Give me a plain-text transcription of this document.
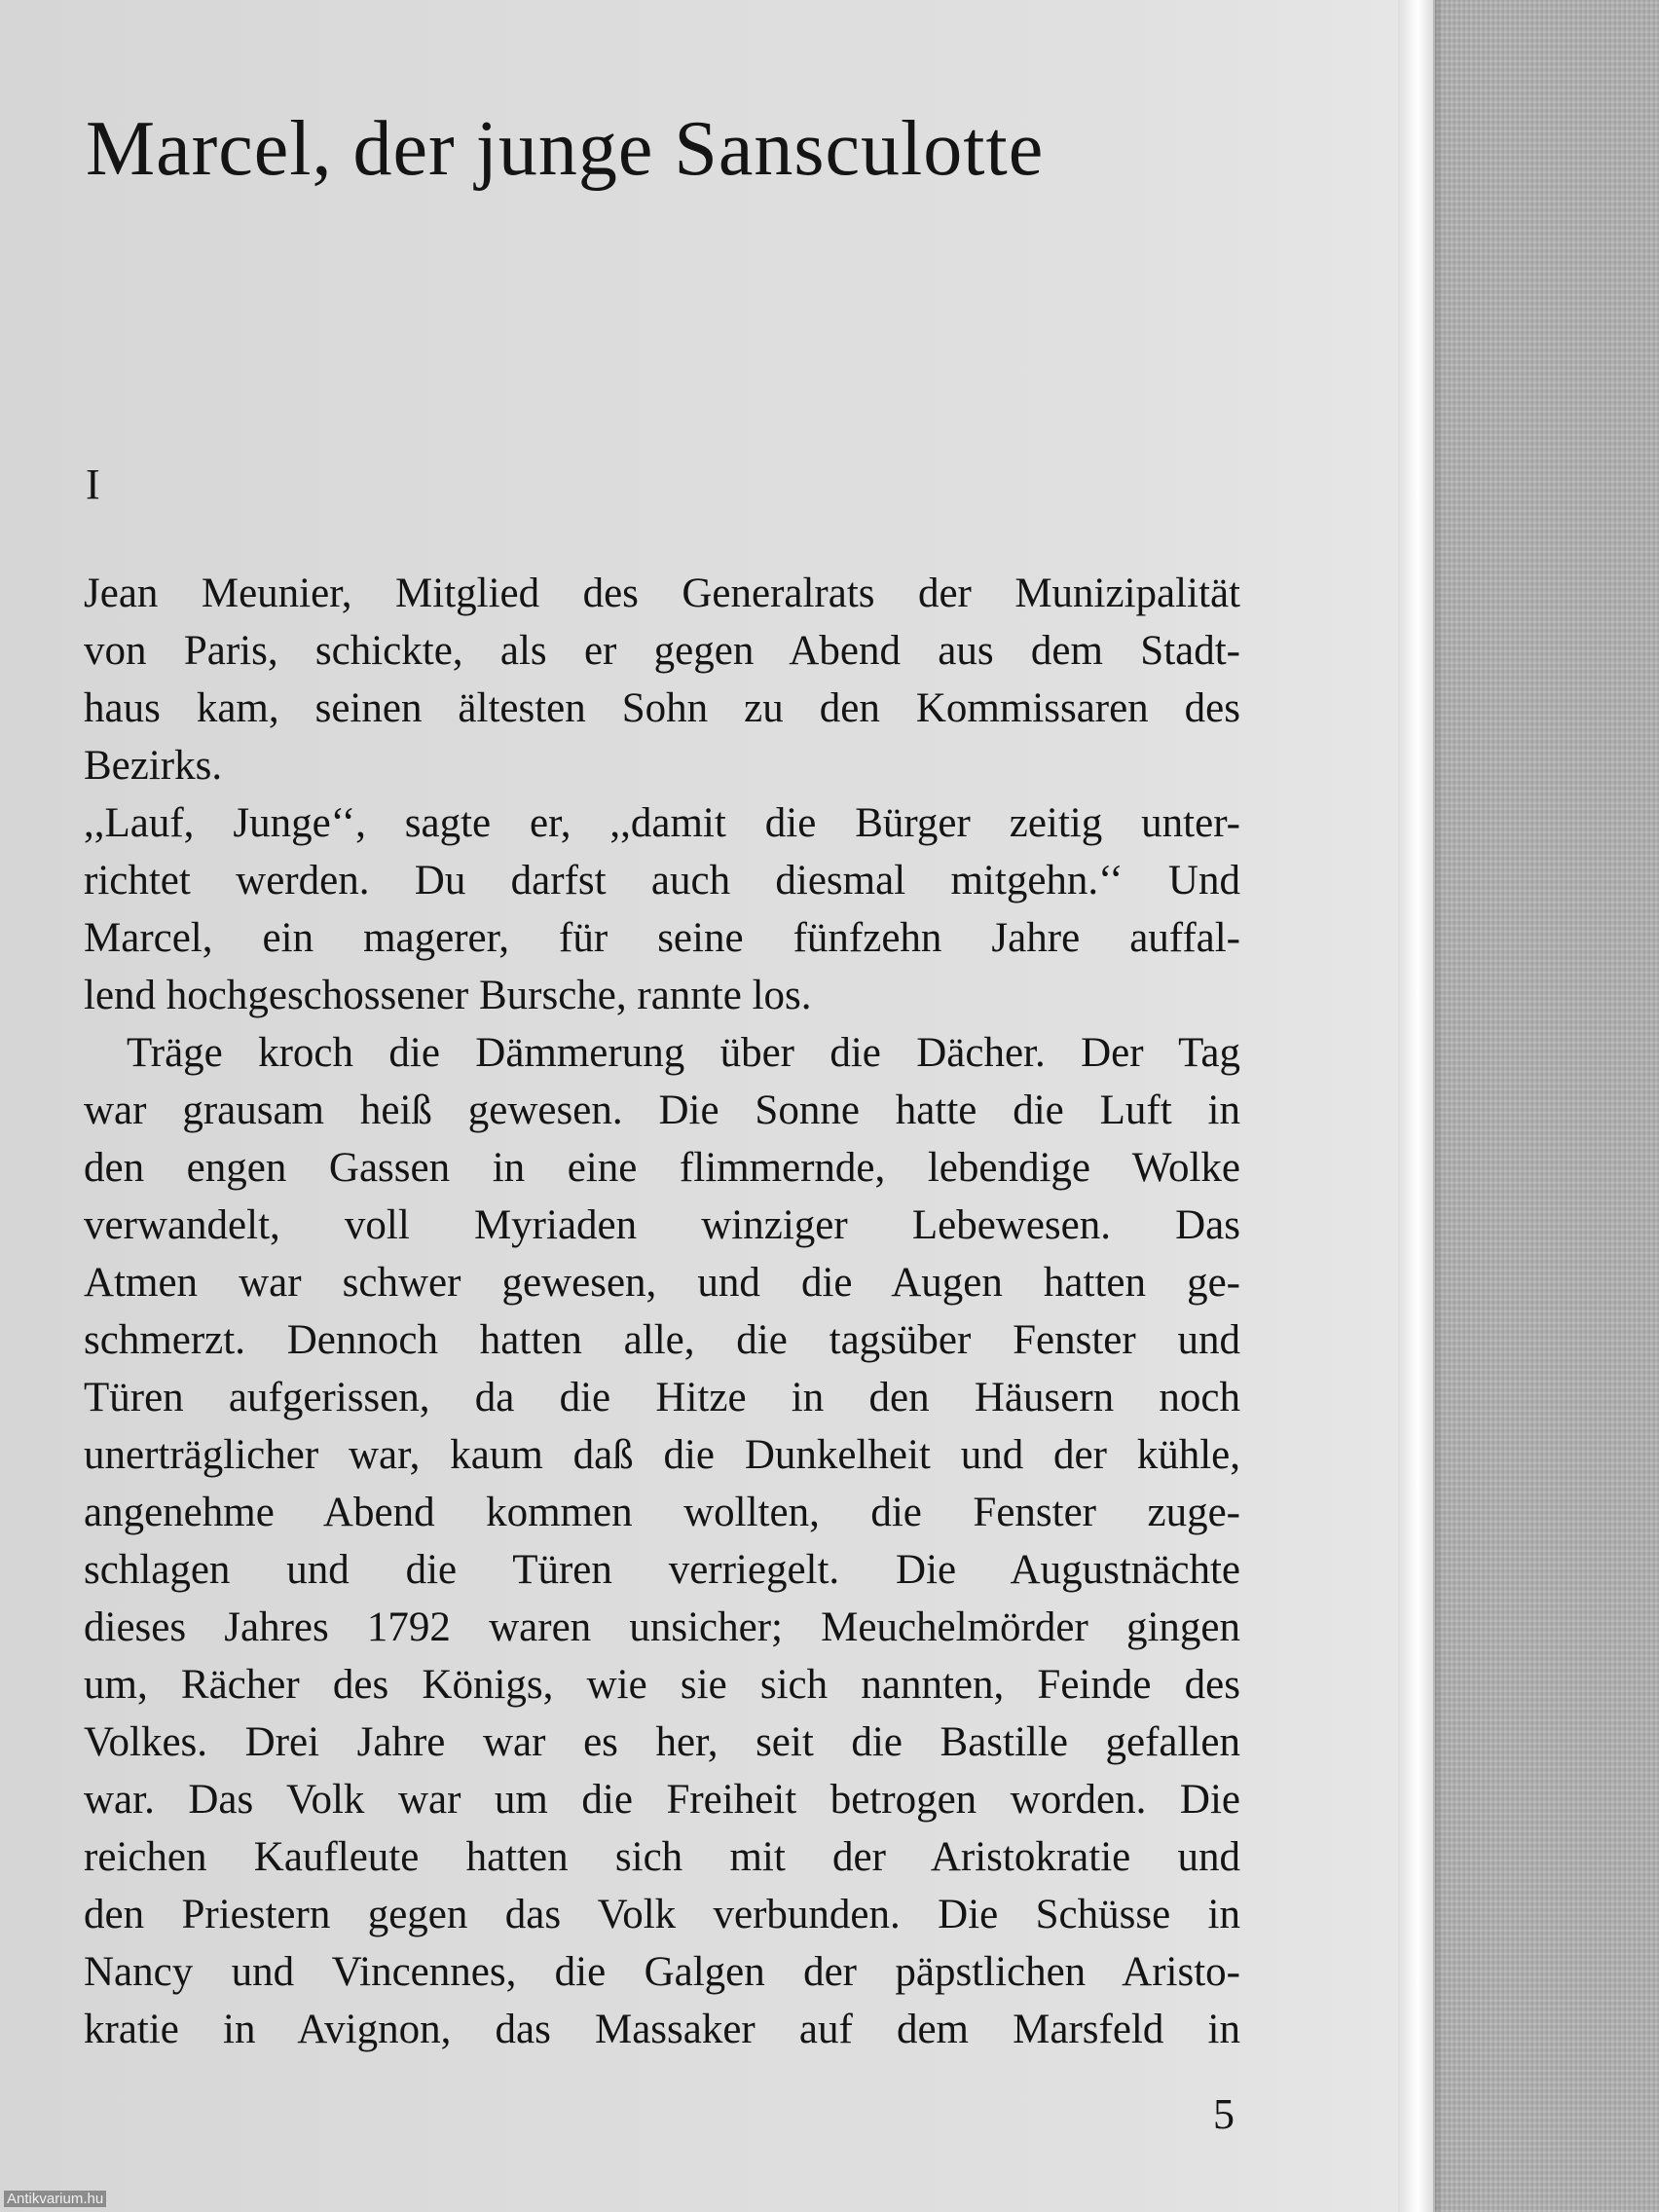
Marcel, der junge Sansculotte
I
Jean Meunier, Mitglied des Generalrats der Munizipalität
von Paris, schickte, als er gegen Abend aus dem Stadt-
haus kam, seinen ältesten Sohn zu den Kommissaren des
Bezirks.
,,Lauf, Junge‘‘, sagte er, ,,damit die Bürger zeitig unter-
richtet werden. Du darfst auch diesmal mitgehn.‘‘ Und
Marcel, ein magerer, für seine fünfzehn Jahre auffal-
lend hochgeschossener Bursche, rannte los.
Träge kroch die Dämmerung über die Dächer. Der Tag
war grausam heiß gewesen. Die Sonne hatte die Luft in
den engen Gassen in eine flimmernde, lebendige Wolke
verwandelt, voll Myriaden winziger Lebewesen. Das
Atmen war schwer gewesen, und die Augen hatten ge-
schmerzt. Dennoch hatten alle, die tagsüber Fenster und
Türen aufgerissen, da die Hitze in den Häusern noch
unerträglicher war, kaum daß die Dunkelheit und der kühle,
angenehme Abend kommen wollten, die Fenster zuge-
schlagen und die Türen verriegelt. Die Augustnächte
dieses Jahres 1792 waren unsicher; Meuchelmörder gingen
um, Rächer des Königs, wie sie sich nannten, Feinde des
Volkes. Drei Jahre war es her, seit die Bastille gefallen
war. Das Volk war um die Freiheit betrogen worden. Die
reichen Kaufleute hatten sich mit der Aristokratie und
den Priestern gegen das Volk verbunden. Die Schüsse in
Nancy und Vincennes, die Galgen der päpstlichen Aristo-
kratie in Avignon, das Massaker auf dem Marsfeld in
5
Antikvarium.hu
